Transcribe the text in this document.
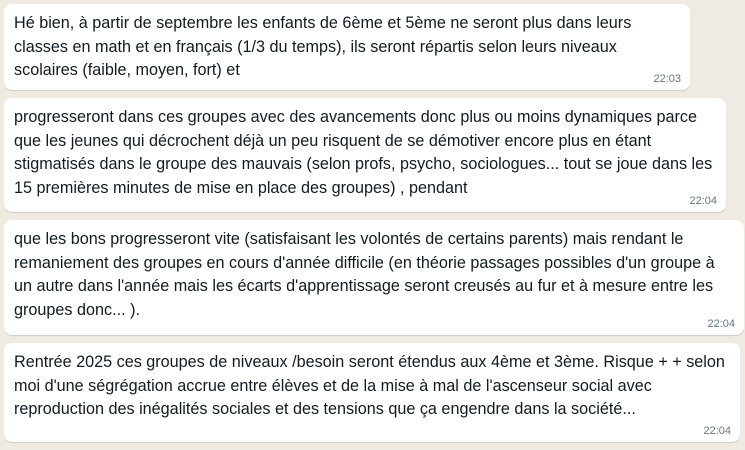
Hé bien, à partir de septembre les enfants de 6ème et 5ème ne seront plus dans leurs classes en math et en français (1/3 du temps), ils seront répartis selon leurs niveaux scolaires (faible, moyen, fort) et	22:03
progresseront dans ces groupes avec des avancements donc plus ou moins dynamiques parce que les jeunes qui décrochent déjà un peu risquent de se démotiver encore plus en étant stigmatisés dans le groupe des mauvais (selon profs, psycho, sociologues... tout se joue dans les 15 premières minutes de mise en place des groupes) , pendant
22:04
que les bons progresseront vite (satisfaisant les volontés de certains parents) mais rendant le remaniement des groupes en cours d'année difficile (en théorie passages possibles d'un groupe à un autre dans l'année mais les écarts d'apprentissage seront creusés au fur et à mesure entre les groupes donc... ).
22:04
Rentrée 2025 ces groupes de niveaux /besoin seront étendus aux 4ème et 3ème. Risque + + selon moi d'une ségrégation accrue entre élèves et de la mise à mal de l'ascenseur social avec reproduction des inégalités sociales et des tensions que ça engendre dans la société...
22:04
